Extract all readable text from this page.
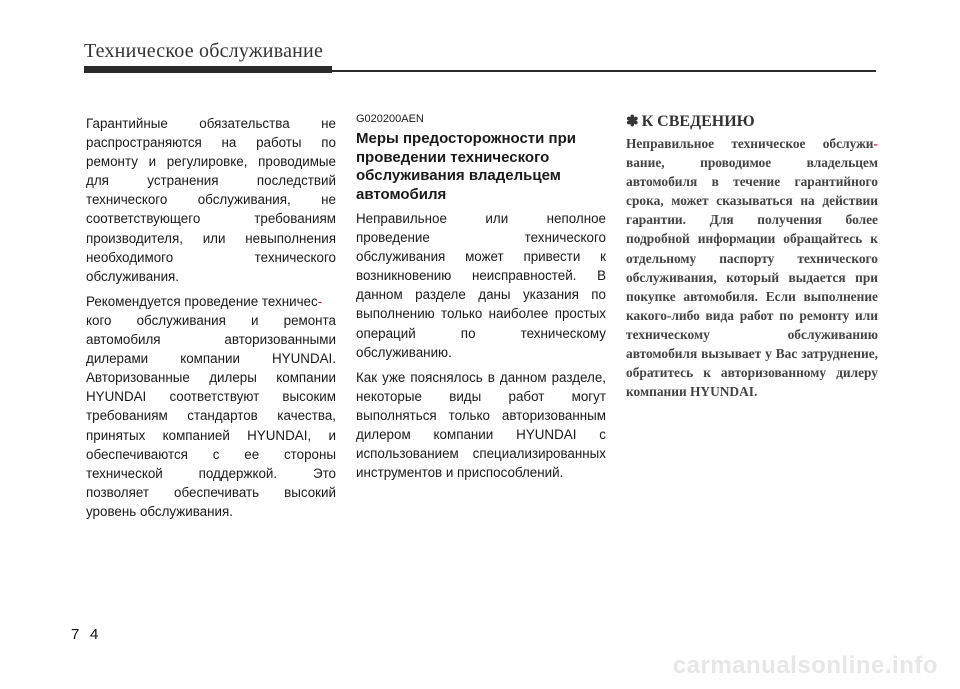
Техническое обслуживание

Гарантийные обязательства не распространяются на работы по ремонту и регулировке, проводимые для устранения последствий технического обслуживания, не соответствующего требованиям производителя, или невыполнения необходимого технического обслуживания.

Рекомендуется проведение техничес-

кого обслуживания и ремонта автомобиля авторизованными дилерами компании HYUNDAI. Авторизованные дилеры компании HYUNDAI соответствуют высоким требованиям стандартов качества, принятых компанией HYUNDAI, и обеспечиваются с ее стороны технической поддержкой. Это позволяет обеспечивать высокий уровень обслуживания.

G020200AEN
Меры предосторожности при проведении технического обслуживания владельцем автомобиля

Неправильное или неполное проведение технического обслуживания может привести к возникновению неисправностей. В данном разделе даны указания по выполнению только наиболее простых операций по техническому обслуживанию.

Как уже пояснялось в данном разделе, некоторые виды работ могут выполняться только авторизованным дилером компании HYUNDAI с использованием специализированных инструментов и приспособлений.

✽ К СВЕДЕНИЮ
Неправильное техническое обслужи- вание, проводимое владельцем автомобиля в течение гарантийного срока, может сказываться на действии гарантии. Для получения более подробной информации обращайтесь к отдельному паспорту технического обслуживания, который выдается при покупке автомобиля. Если выполнение какого-либо вида работ по ремонту или техническому обслуживанию автомобиля вызывает у Вас затруднение, обратитесь к авторизованному дилеру компании HYUNDAI.
7 4
carmanualsonline.info
